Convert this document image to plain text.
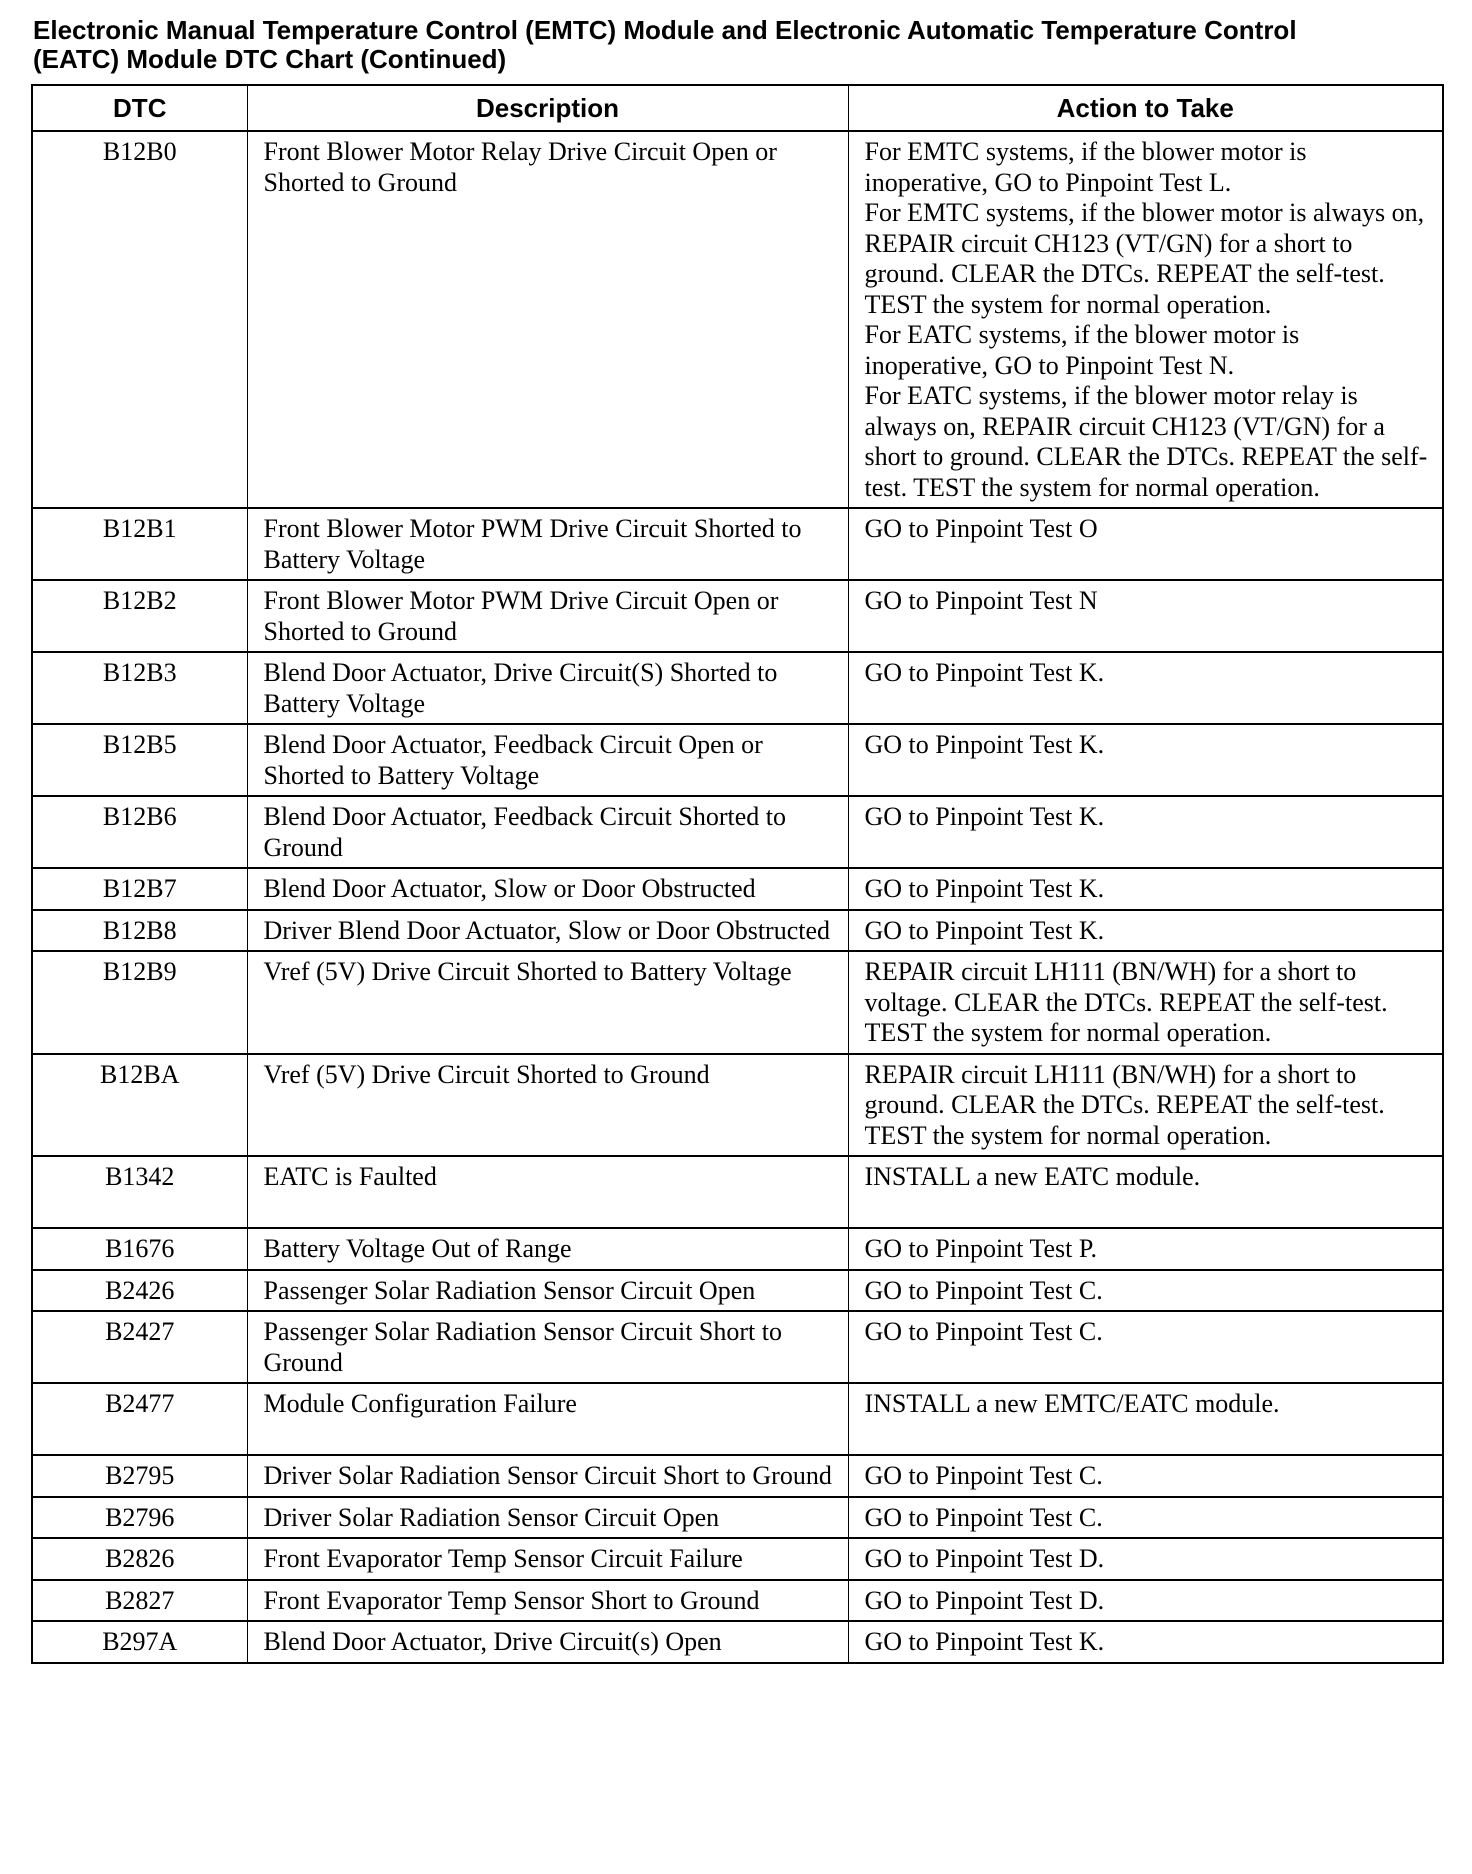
Electronic Manual Temperature Control (EMTC) Module and Electronic Automatic Temperature Control
(EATC) Module DTC Chart (Continued)
DTC	Description	Action to Take
B12B0	Front Blower Motor Relay Drive Circuit Open or Shorted to Ground	For EMTC systems, if the blower motor is inoperative, GO to Pinpoint Test L.
For EMTC systems, if the blower motor is always on, REPAIR circuit CH123 (VT/GN) for a short to ground. CLEAR the DTCs. REPEAT the self-test. TEST the system for normal operation.
For EATC systems, if the blower motor is inoperative, GO to Pinpoint Test N.
For EATC systems, if the blower motor relay is always on, REPAIR circuit CH123 (VT/GN) for a short to ground. CLEAR the DTCs. REPEAT the self-test. TEST the system for normal operation.

B12B1	Front Blower Motor PWM Drive Circuit Shorted to Battery Voltage	GO to Pinpoint Test O

B12B2	Front Blower Motor PWM Drive Circuit Open or Shorted to Ground	GO to Pinpoint Test N

B12B3	Blend Door Actuator, Drive Circuit(S) Shorted to Battery Voltage	GO to Pinpoint Test K.

B12B5	Blend Door Actuator, Feedback Circuit Open or Shorted to Battery Voltage	GO to Pinpoint Test K.

B12B6	Blend Door Actuator, Feedback Circuit Shorted to Ground	GO to Pinpoint Test K.

B12B7	Blend Door Actuator, Slow or Door Obstructed	GO to Pinpoint Test K.

B12B8	Driver Blend Door Actuator, Slow or Door Obstructed	GO to Pinpoint Test K.

B12B9	Vref (5V) Drive Circuit Shorted to Battery Voltage	REPAIR circuit LH111 (BN/WH) for a short to voltage. CLEAR the DTCs. REPEAT the self-test. TEST the system for normal operation.

B12BA	Vref (5V) Drive Circuit Shorted to Ground	REPAIR circuit LH111 (BN/WH) for a short to ground. CLEAR the DTCs. REPEAT the self-test. TEST the system for normal operation.

B1342	EATC is Faulted	INSTALL a new EATC module.

B1676	Battery Voltage Out of Range	GO to Pinpoint Test P.

B2426	Passenger Solar Radiation Sensor Circuit Open	GO to Pinpoint Test C.

B2427	Passenger Solar Radiation Sensor Circuit Short to Ground	GO to Pinpoint Test C.

B2477	Module Configuration Failure	INSTALL a new EMTC/EATC module.

B2795	Driver Solar Radiation Sensor Circuit Short to Ground	GO to Pinpoint Test C.

B2796	Driver Solar Radiation Sensor Circuit Open	GO to Pinpoint Test C.

B2826	Front Evaporator Temp Sensor Circuit Failure	GO to Pinpoint Test D.

B2827	Front Evaporator Temp Sensor Short to Ground	GO to Pinpoint Test D.

B297A	Blend Door Actuator, Drive Circuit(s) Open	GO to Pinpoint Test K.
